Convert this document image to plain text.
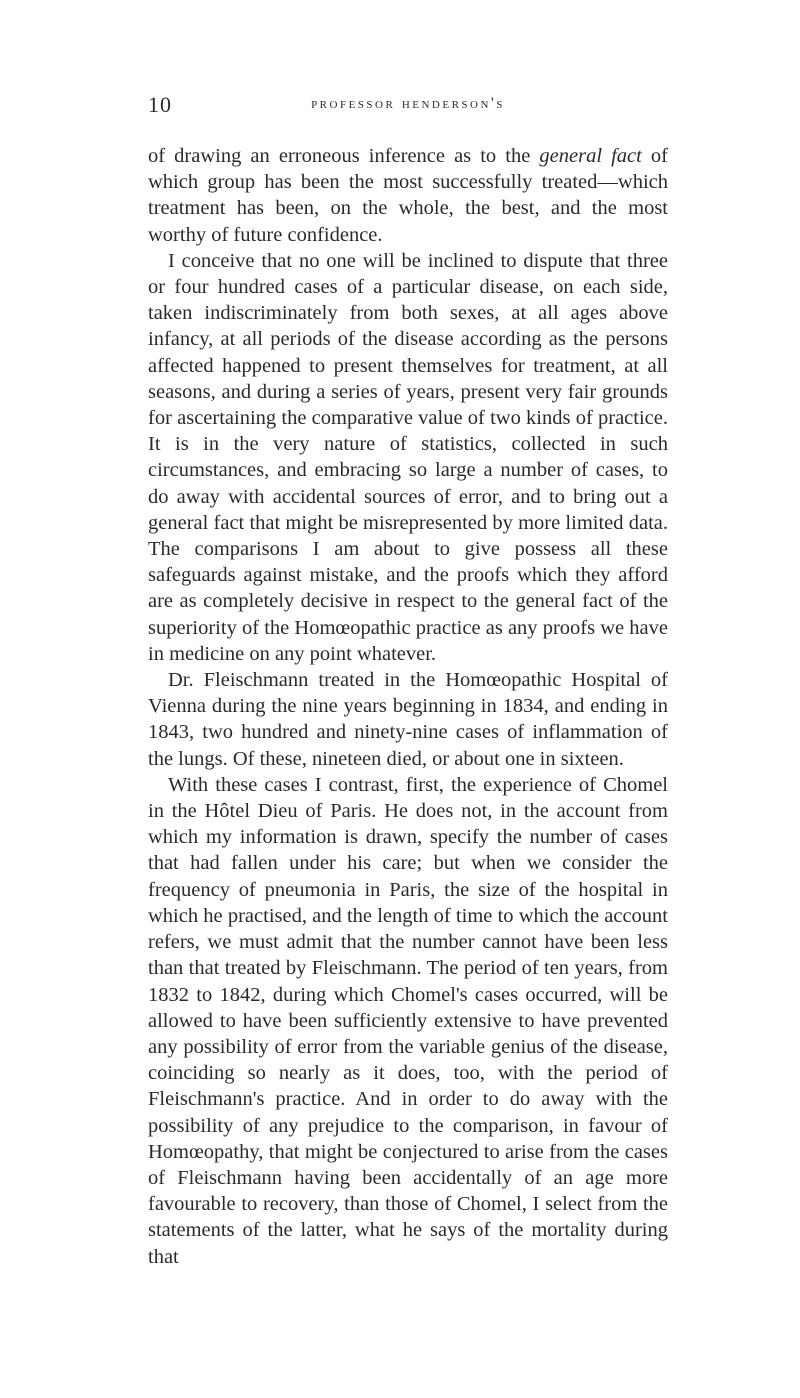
10	professor henderson's

of drawing an erroneous inference as to the general fact of which group has been the most successfully treated—which treatment has been, on the whole, the best, and the most worthy of future confidence.

I conceive that no one will be inclined to dispute that three or four hundred cases of a particular disease, on each side, taken indiscriminately from both sexes, at all ages above infancy, at all periods of the disease according as the persons affected happened to present themselves for treatment, at all seasons, and during a series of years, present very fair grounds for ascertaining the comparative value of two kinds of practice. It is in the very nature of statistics, collected in such circumstances, and embracing so large a number of cases, to do away with accidental sources of error, and to bring out a general fact that might be misrepresented by more limited data. The comparisons I am about to give possess all these safeguards against mistake, and the proofs which they afford are as completely decisive in respect to the general fact of the superiority of the Homœopathic practice as any proofs we have in medicine on any point whatever.

Dr. Fleischmann treated in the Homœopathic Hospital of Vienna during the nine years beginning in 1834, and ending in 1843, two hundred and ninety-nine cases of inflammation of the lungs. Of these, nineteen died, or about one in sixteen.

With these cases I contrast, first, the experience of Chomel in the Hôtel Dieu of Paris. He does not, in the account from which my information is drawn, specify the number of cases that had fallen under his care; but when we consider the frequency of pneumonia in Paris, the size of the hospital in which he practised, and the length of time to which the account refers, we must admit that the number cannot have been less than that treated by Fleischmann. The period of ten years, from 1832 to 1842, during which Chomel's cases occurred, will be allowed to have been sufficiently extensive to have prevented any possibility of error from the variable genius of the disease, coinciding so nearly as it does, too, with the period of Fleischmann's practice. And in order to do away with the possibility of any prejudice to the comparison, in favour of Homœopathy, that might be conjectured to arise from the cases of Fleischmann having been accidentally of an age more favourable to recovery, than those of Chomel, I select from the statements of the latter, what he says of the mortality during that
